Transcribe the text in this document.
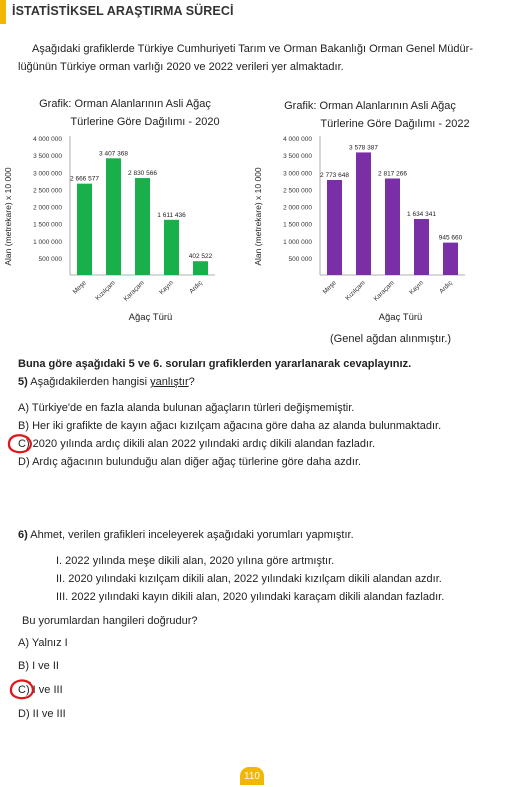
İSTATİSTİKSEL ARAŞTIRMA SÜRECİ
Aşağıdaki grafiklerde Türkiye Cumhuriyeti Tarım ve Orman Bakanlığı Orman Genel Müdür-
lüğünün Türkiye orman varlığı 2020 ve 2022 verileri yer almaktadır.
Grafik: Orman Alanlarının Asli Ağaç
Türlerine Göre Dağılımı - 2020
Alan (metrekare) x 10 000
4 000 000
3 500 000
3 000 000
2 500 000
2 000 000
1 500 000
1 000 000
500 000
2 666 577
Meşe
3 407 368
Kızılçam
2 830 566
Karaçam
1 611 436
Kayın
402 522
Ardıç
Ağaç Türü
Grafik: Orman Alanlarının Asli Ağaç
Türlerine Göre Dağılımı - 2022
Alan (metrekare) x 10 000
4 000 000
3 500 000
3 000 000
2 500 000
2 000 000
1 500 000
1 000 000
500 000
2 773 648
Meşe
3 578 387
Kızılçam
2 817 266
Karaçam
1 634 341
Kayın
945 660
Ardıç
Ağaç Türü
(Genel ağdan alınmıştır.)
Buna göre aşağıdaki 5 ve 6. soruları grafiklerden yararlanarak cevaplayınız.
5) Aşağıdakilerden hangisi yanlıştır?
A) Türkiye'de en fazla alanda bulunan ağaçların türleri değişmemiştir.
B) Her iki grafikte de kayın ağacı kızılçam ağacına göre daha az alanda bulunmaktadır.
C) 2020 yılında ardıç dikili alan 2022 yılındaki ardıç dikili alandan fazladır.
D) Ardıç ağacının bulunduğu alan diğer ağaç türlerine göre daha azdır.
6) Ahmet, verilen grafikleri inceleyerek aşağıdaki yorumları yapmıştır.
I. 2022 yılında meşe dikili alan, 2020 yılına göre artmıştır.
II. 2020 yılındaki kızılçam dikili alan, 2022 yılındaki kızılçam dikili alandan azdır.
III. 2022 yılındaki kayın dikili alan, 2020 yılındaki karaçam dikili alandan fazladır.
Bu yorumlardan hangileri doğrudur?
A) Yalnız I
B) I ve II
C) I ve III
D) II ve III
110
